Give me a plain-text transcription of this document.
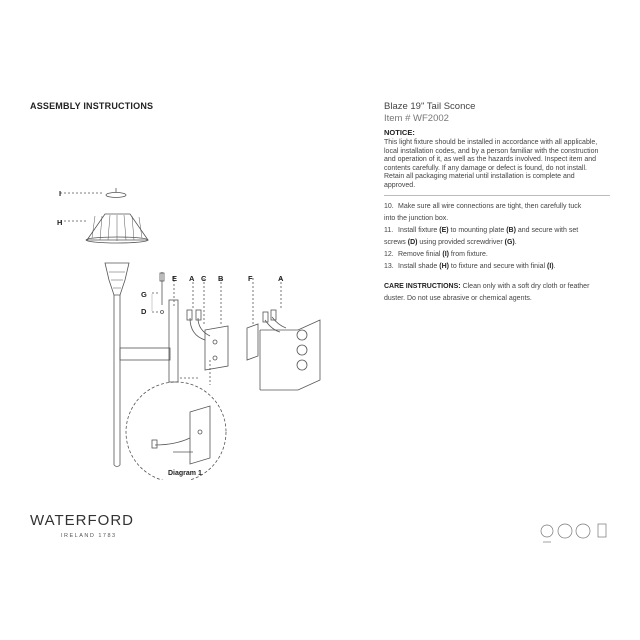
ASSEMBLY INSTRUCTIONS	Blaze 19" Tail Sconce
Item # WF2002
NOTICE:
This light fixture should be installed in accordance with all applicable, local installation codes, and by a person familiar with the construction and operation of it, as well as the hazards involved. Inspect item and contents carefully. If any damage or defect is found, do not install. Retain all packaging material until installation is complete and approved.
10. Make sure all wire connections are tight, then carefully tuck
into the junction box.
11. Install fixture (E) to mounting plate (B) and secure with set
screws (D) using provided screwdriver (G).
12. Remove finial (I) from fixture.
13. Install shade (H) to fixture and secure with finial (I).
CARE INSTRUCTIONS: Clean only with a soft dry cloth or feather duster. Do not use abrasive or chemical agents.
I
H
G
D
E A C B	F	A
Diagram 1
WATERFORD
IRELAND 1783
